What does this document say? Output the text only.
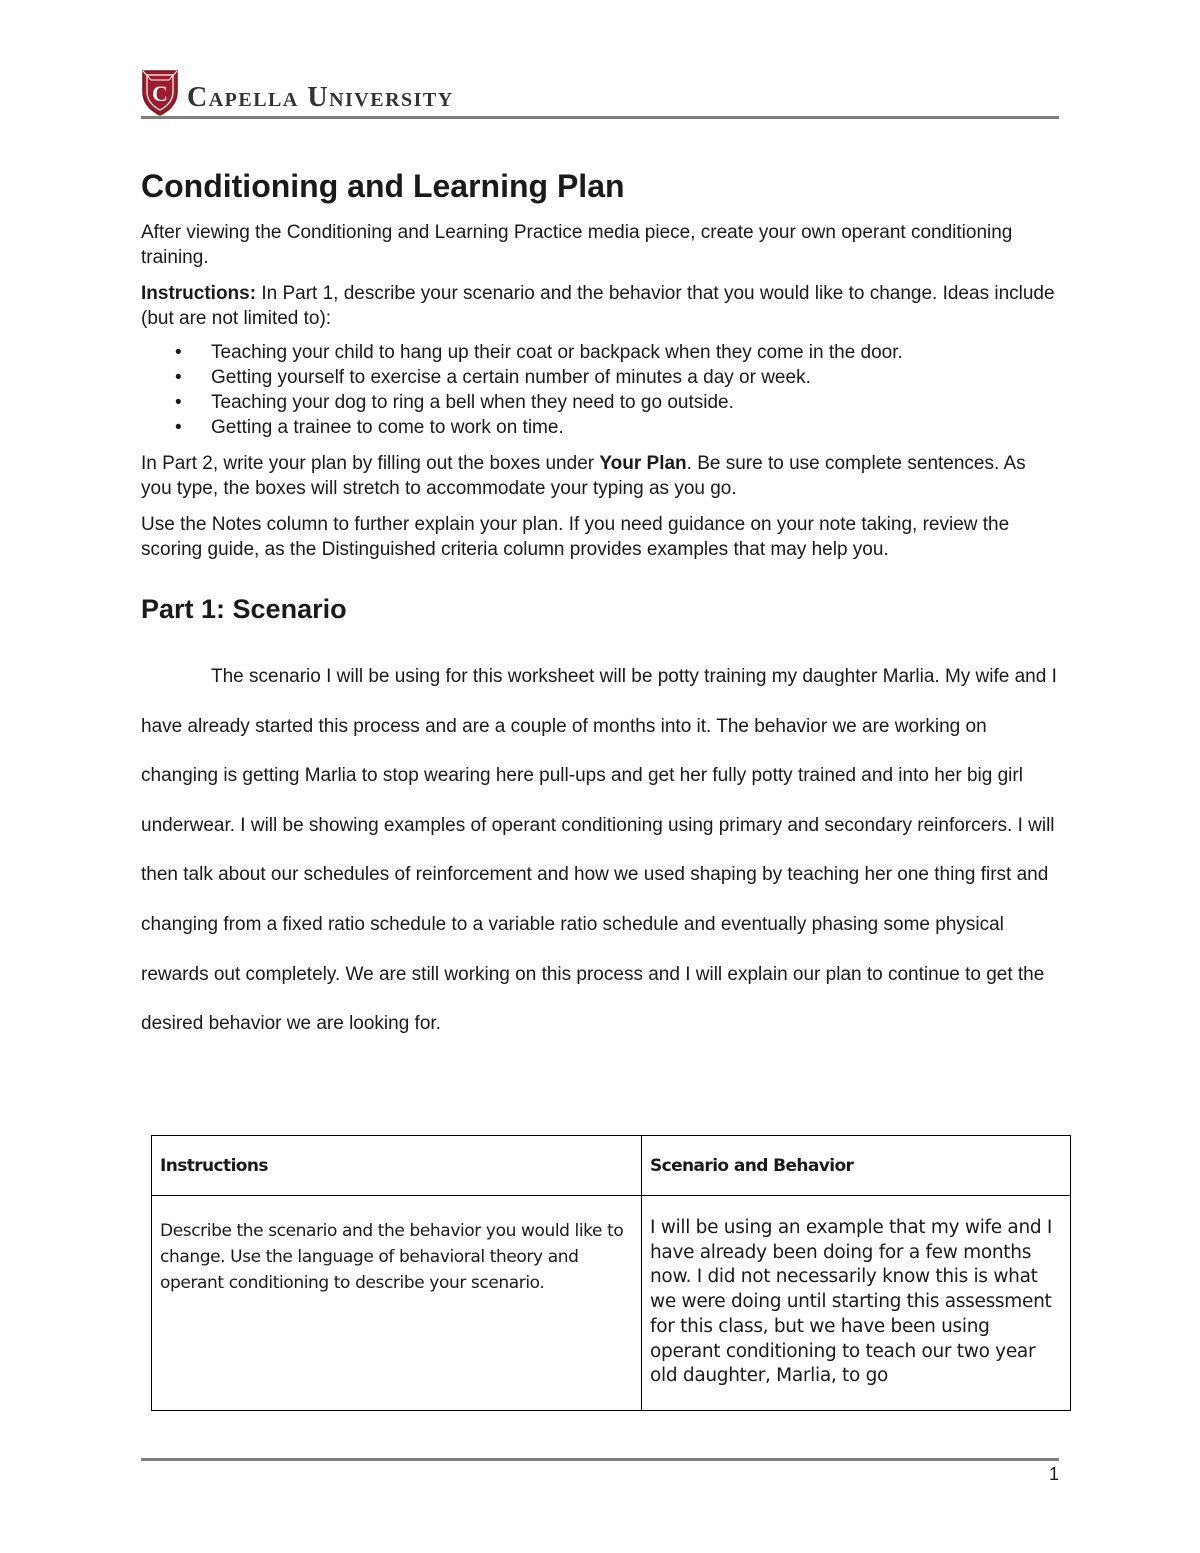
C Capella University
Conditioning and Learning Plan

After viewing the Conditioning and Learning Practice media piece, create your own operant conditioning training.

Instructions: In Part 1, describe your scenario and the behavior that you would like to change. Ideas include (but are not limited to):

• Teaching your child to hang up their coat or backpack when they come in the door.
• Getting yourself to exercise a certain number of minutes a day or week.
• Teaching your dog to ring a bell when they need to go outside.
• Getting a trainee to come to work on time.

In Part 2, write your plan by filling out the boxes under Your Plan. Be sure to use complete sentences. As you type, the boxes will stretch to accommodate your typing as you go.

Use the Notes column to further explain your plan. If you need guidance on your note taking, review the scoring guide, as the Distinguished criteria column provides examples that may help you.

Part 1: Scenario

The scenario I will be using for this worksheet will be potty training my daughter Marlia. My wife and I have already started this process and are a couple of months into it. The behavior we are working on changing is getting Marlia to stop wearing here pull-ups and get her fully potty trained and into her big girl underwear. I will be showing examples of operant conditioning using primary and secondary reinforcers. I will then talk about our schedules of reinforcement and how we used shaping by teaching her one thing first and changing from a fixed ratio schedule to a variable ratio schedule and eventually phasing some physical rewards out completely. We are still working on this process and I will explain our plan to continue to get the desired behavior we are looking for.

Instructions	Scenario and Behavior
Describe the scenario and the behavior you would like to change. Use the language of behavioral theory and operant conditioning to describe your scenario.	I will be using an example that my wife and I have already been doing for a few months now. I did not necessarily know this is what we were doing until starting this assessment for this class, but we have been using operant conditioning to teach our two year old daughter, Marlia, to go
1
